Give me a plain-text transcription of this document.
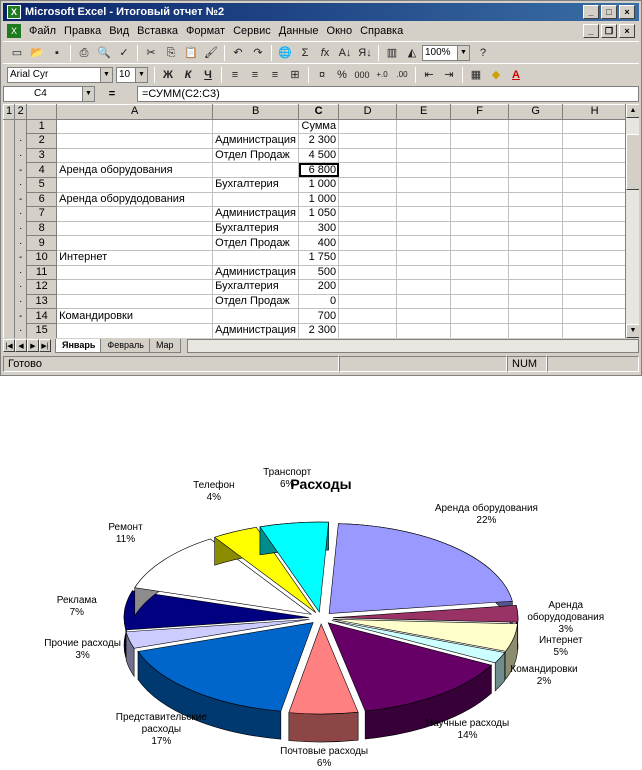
X Microsoft Excel - Итоговый отчет №2	_	□	×
X	Файл Правка Вид Вставка Формат Сервис Данные Окно Справка	_	❐	×
▭ 📂	▪	⎙ 🔍 ✓	✂ ⎘ 📋 🖌	↶ ↷	🌐 Σ	fx A↓ Я↓	▥ ◭ 100%	▼	?
Arial Cyr	▼ 10	▼	Ж	К	Ч	≡	≡	≡	⊞	¤	% 000 +.0	.00	⇤ ⇥	▦ ◆	A
C4	▼	=	=СУММ(C2:C3)
1	2		A	B	C	D	E	F	G	H
		1			Сумма					
	·	2		Администрация	2 300					
	·	3		Отдел Продаж	4 500					
	-	4	Аренда оборудования		6 800					
	·	5		Бухгалтерия	1 000					
	-	6	Аренда оборудодования		1 000					
	·	7		Администрация	1 050					
	·	8		Бухгалтерия	300					
	·	9		Отдел Продаж	400					
	-	10	Интернет		1 750					
	·	11		Администрация	500					
	·	12		Бухгалтерия	200					
	·	13		Отдел Продаж	0					
	-	14	Командировки		700					
	·	15		Администрация	2 300					

▲
▼
|◀ ◀ ▶ ▶|	Январь	Февраль	Мар
Готово	NUM
Расходы
Аренда оборудования
22%
Аренда оборудодования
3%
Интернет
5%
Командировки
2%
Научные расходы
14%
Почтовые расходы
6%
Представительские расходы
17%
Прочие расходы
3%
Реклама
7%
Ремонт
11%
Телефон
4%
Транспорт
6%
